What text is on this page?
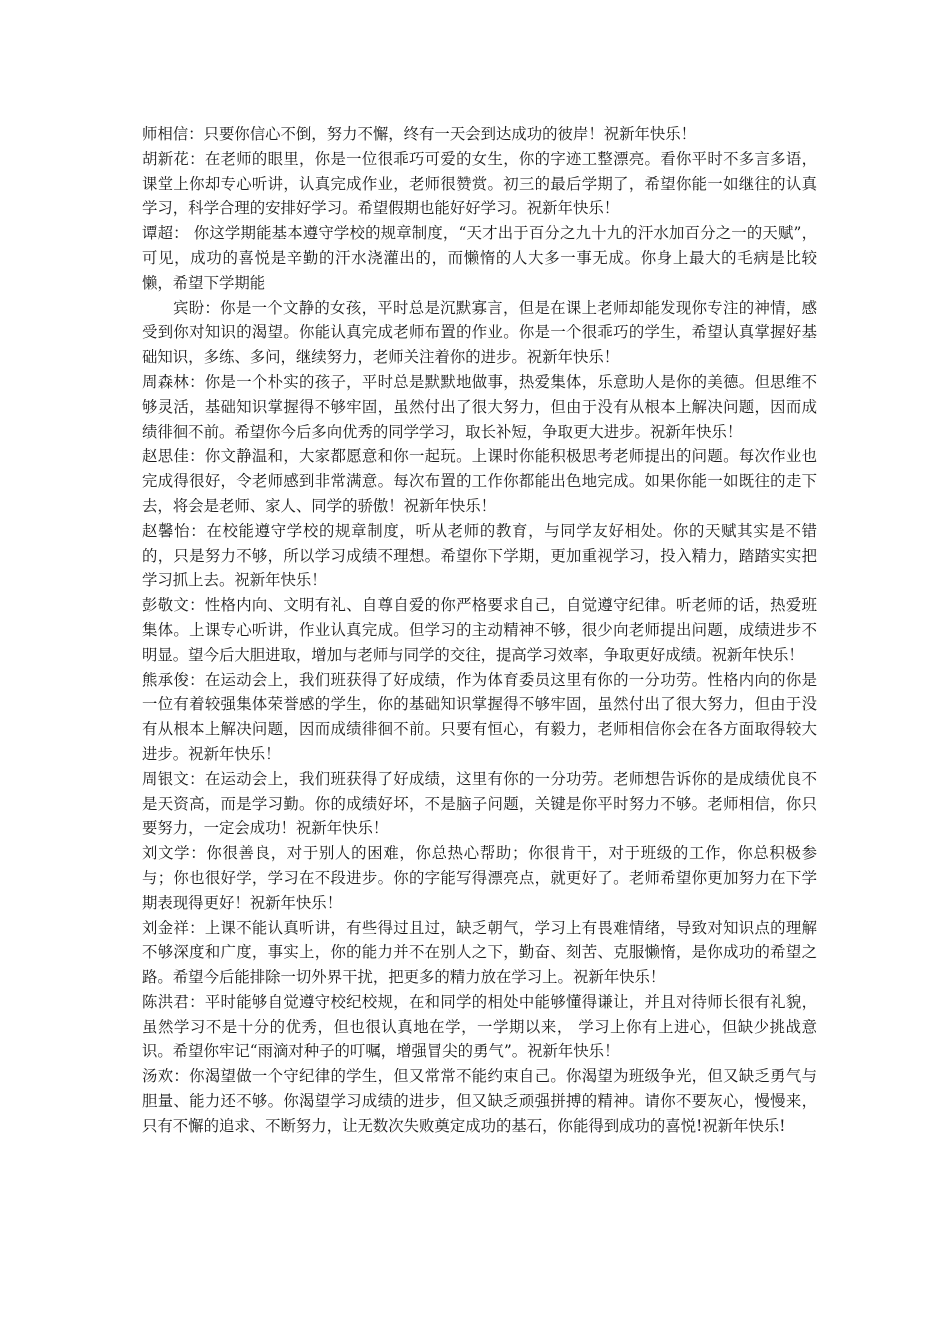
师相信：只要你信心不倒，努力不懈，终有一天会到达成功的彼岸！祝新年快乐！

胡新花：在老师的眼里，你是一位很乖巧可爱的女生，你的字迹工整漂亮。看你平时不多言多语，课堂上你却专心听讲，认真完成作业，老师很赞赏。初三的最后学期了，希望你能一如继往的认真学习，科学合理的安排好学习。希望假期也能好好学习。祝新年快乐！

谭超： 你这学期能基本遵守学校的规章制度，“天才出于百分之九十九的汗水加百分之一的天赋”，可见，成功的喜悦是辛勤的汗水浇灌出的，而懒惰的人大多一事无成。你身上最大的毛病是比较懒，希望下学期能

宾盼：你是一个文静的女孩，平时总是沉默寡言，但是在课上老师却能发现你专注的神情，感受到你对知识的渴望。你能认真完成老师布置的作业。你是一个很乖巧的学生，希望认真掌握好基础知识，多练、多问，继续努力，老师关注着你的进步。祝新年快乐！

周森林：你是一个朴实的孩子，平时总是默默地做事，热爱集体，乐意助人是你的美德。但思维不够灵活，基础知识掌握得不够牢固，虽然付出了很大努力，但由于没有从根本上解决问题，因而成绩徘徊不前。希望你今后多向优秀的同学学习，取长补短，争取更大进步。祝新年快乐！

赵思佳：你文静温和，大家都愿意和你一起玩。上课时你能积极思考老师提出的问题。每次作业也完成得很好，令老师感到非常满意。每次布置的工作你都能出色地完成。如果你能一如既往的走下去，将会是老师、家人、同学的骄傲！祝新年快乐！

赵馨怡：在校能遵守学校的规章制度，听从老师的教育，与同学友好相处。你的天赋其实是不错的，只是努力不够，所以学习成绩不理想。希望你下学期，更加重视学习，投入精力，踏踏实实把学习抓上去。祝新年快乐！

彭敬文：性格内向、文明有礼、自尊自爱的你严格要求自己，自觉遵守纪律。听老师的话，热爱班集体。上课专心听讲，作业认真完成。但学习的主动精神不够，很少向老师提出问题，成绩进步不明显。望今后大胆进取，增加与老师与同学的交往，提高学习效率，争取更好成绩。祝新年快乐！

熊承俊：在运动会上，我们班获得了好成绩，作为体育委员这里有你的一分功劳。性格内向的你是一位有着较强集体荣誉感的学生，你的基础知识掌握得不够牢固，虽然付出了很大努力，但由于没有从根本上解决问题，因而成绩徘徊不前。只要有恒心，有毅力，老师相信你会在各方面取得较大进步。祝新年快乐！

周银文：在运动会上，我们班获得了好成绩，这里有你的一分功劳。老师想告诉你的是成绩优良不是天资高，而是学习勤。你的成绩好坏，不是脑子问题，关键是你平时努力不够。老师相信，你只要努力，一定会成功！祝新年快乐！

刘文学：你很善良，对于别人的困难，你总热心帮助；你很肯干，对于班级的工作，你总积极参与；你也很好学，学习在不段进步。你的字能写得漂亮点，就更好了。老师希望你更加努力在下学期表现得更好！祝新年快乐！

刘金祥：上课不能认真听讲，有些得过且过，缺乏朝气，学习上有畏难情绪，导致对知识点的理解不够深度和广度，事实上，你的能力并不在别人之下，勤奋、刻苦、克服懒惰，是你成功的希望之路。希望今后能排除一切外界干扰，把更多的精力放在学习上。祝新年快乐！

陈洪君：平时能够自觉遵守校纪校规，在和同学的相处中能够懂得谦让，并且对待师长很有礼貌，虽然学习不是十分的优秀，但也很认真地在学，一学期以来， 学习上你有上进心，但缺少挑战意识。希望你牢记“雨滴对种子的叮嘱，增强冒尖的勇气”。祝新年快乐！

汤欢：你渴望做一个守纪律的学生，但又常常不能约束自己。你渴望为班级争光，但又缺乏勇气与胆量、能力还不够。你渴望学习成绩的进步，但又缺乏顽强拼搏的精神。请你不要灰心，慢慢来，只有不懈的追求、不断努力，让无数次失败奠定成功的基石，你能得到成功的喜悦!祝新年快乐!
